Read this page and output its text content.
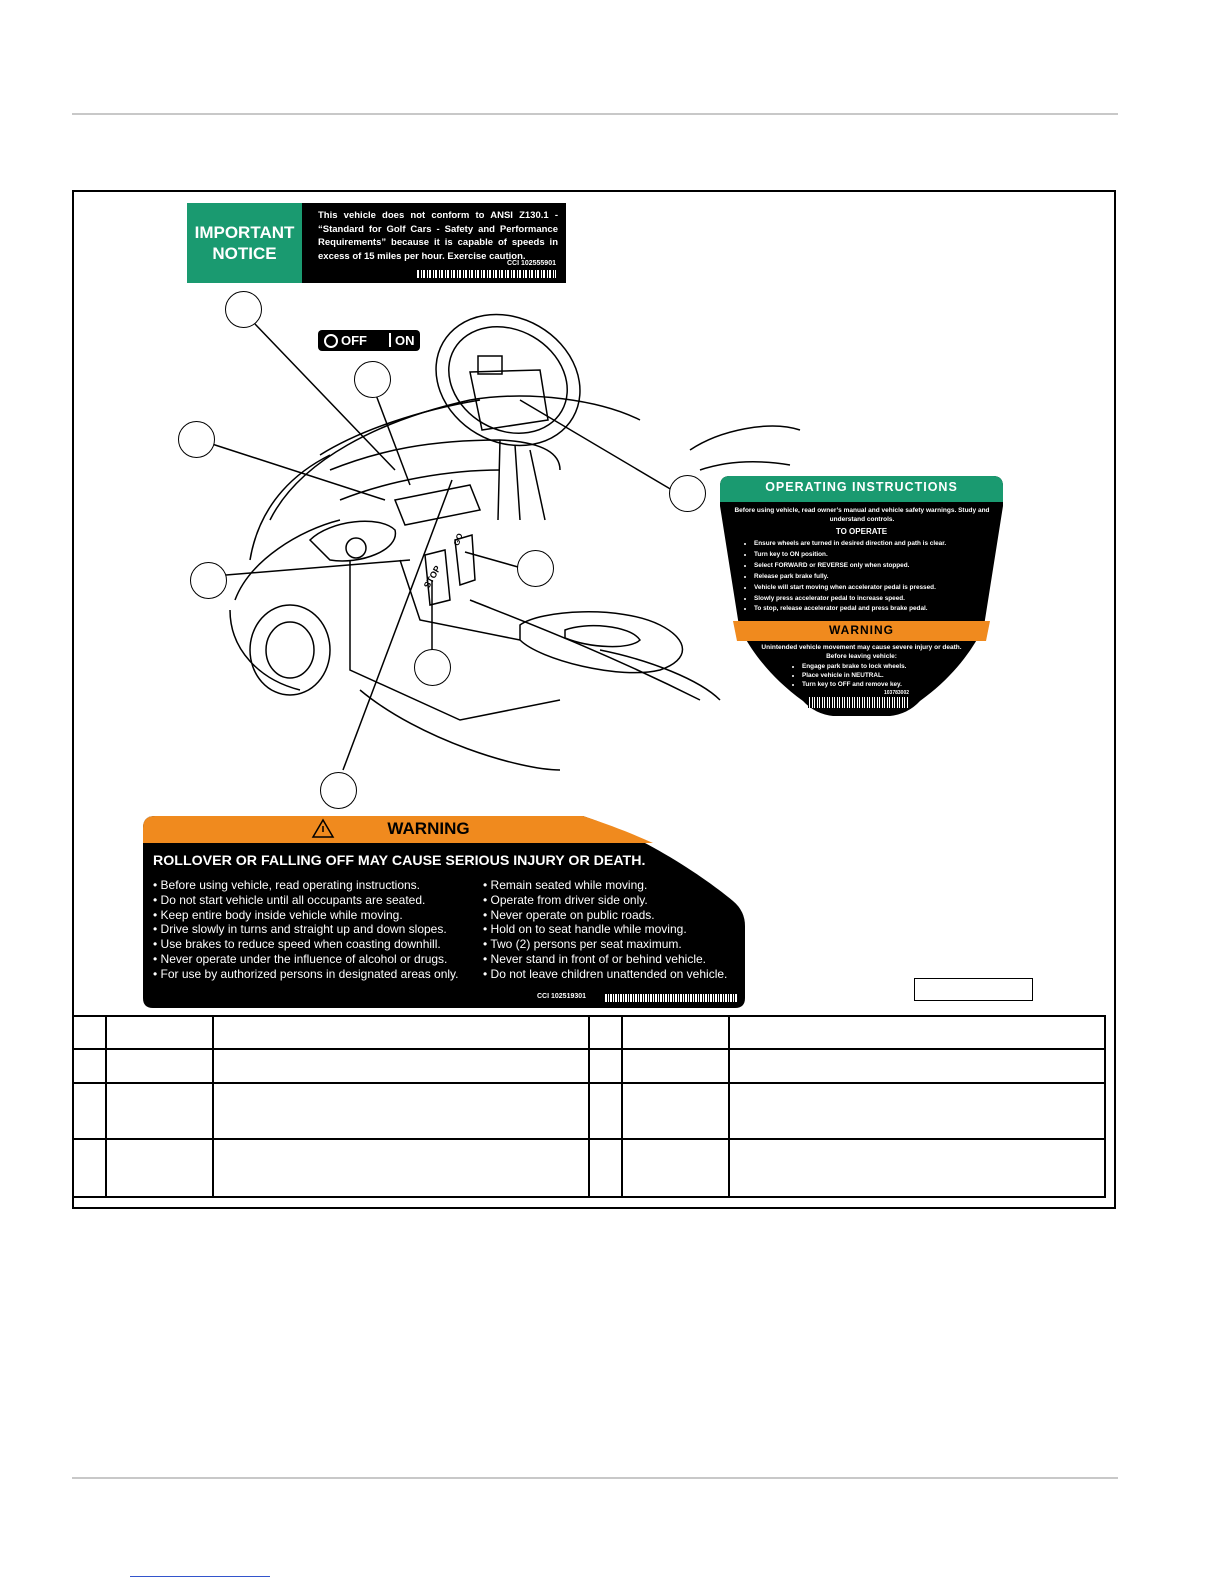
STOP
GO
IMPORTANT
NOTICE
This vehicle does not conform to ANSI Z130.1 - “Standard for Golf Cars - Safety and Performance Requirements” because it is capable of speeds in excess of 15 miles per hour. Exercise caution.
CCI 102555901
OFF ON
OPERATING INSTRUCTIONS
Before using vehicle, read owner’s manual and vehicle safety warnings. Study and understand controls.
TO OPERATE
• Ensure wheels are turned in desired direction and path is clear.
• Turn key to ON position.
• Select FORWARD or REVERSE only when stopped.
• Release park brake fully.
• Vehicle will start moving when accelerator pedal is pressed.
• Slowly press accelerator pedal to increase speed.
• To stop, release accelerator pedal and press brake pedal.
WARNING
Unintended vehicle movement may cause severe injury or death. Before leaving vehicle:
• Engage park brake to lock wheels.
• Place vehicle in NEUTRAL.
• Turn key to OFF and remove key.
103783002
WARNING
ROLLOVER OR FALLING OFF MAY CAUSE SERIOUS INJURY OR DEATH.
• Before using vehicle, read operating instructions.
• Do not start vehicle until all occupants are seated.
• Keep entire body inside vehicle while moving.
• Drive slowly in turns and straight up and down slopes.
• Use brakes to reduce speed when coasting downhill.
• Never operate under the influence of alcohol or drugs.
• For use by authorized persons in designated areas only.
• Remain seated while moving.
• Operate from driver side only.
• Never operate on public roads.
• Hold on to seat handle while moving.
• Two (2) persons per seat maximum.
• Never stand in front of or behind vehicle.
• Do not leave children unattended on vehicle.
CCI 102519301
